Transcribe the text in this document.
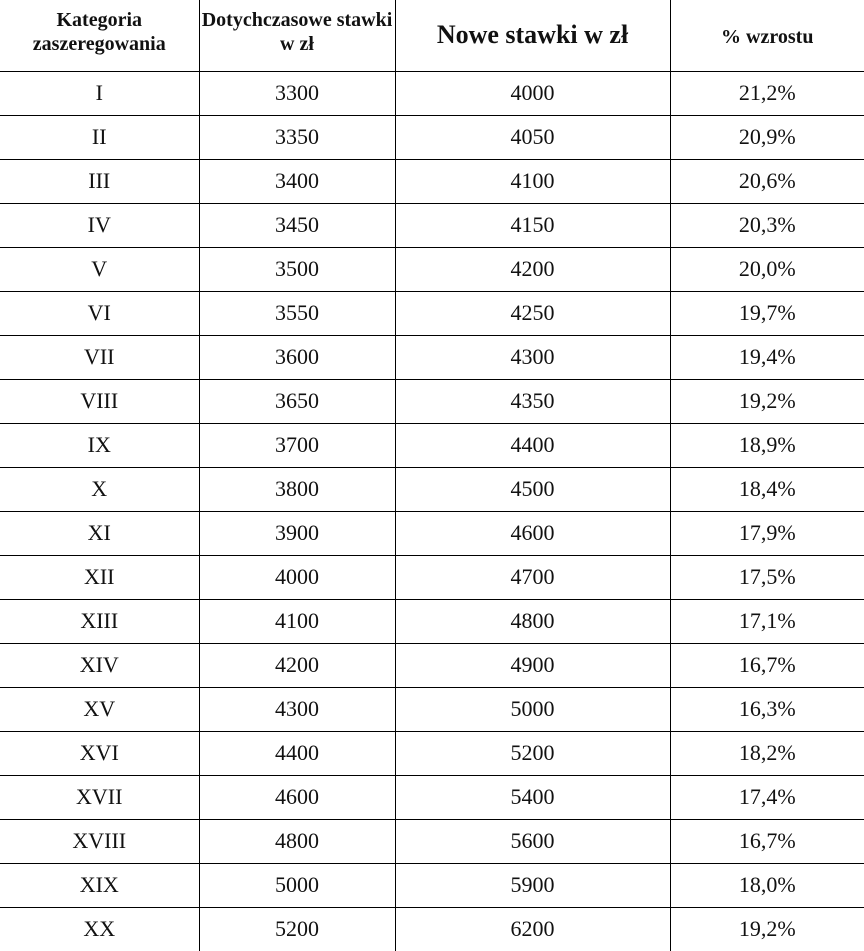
Kategoria zaszeregowania	Dotychczasowe stawki w zł	Nowe stawki w zł	% wzrostu

I	3300	4000	21,2%
II	3350	4050	20,9%
III	3400	4100	20,6%
IV	3450	4150	20,3%
V	3500	4200	20,0%
VI	3550	4250	19,7%
VII	3600	4300	19,4%
VIII	3650	4350	19,2%
IX	3700	4400	18,9%
X	3800	4500	18,4%
XI	3900	4600	17,9%
XII	4000	4700	17,5%
XIII	4100	4800	17,1%
XIV	4200	4900	16,7%
XV	4300	5000	16,3%
XVI	4400	5200	18,2%
XVII	4600	5400	17,4%
XVIII	4800	5600	16,7%
XIX	5000	5900	18,0%
XX	5200	6200	19,2%
